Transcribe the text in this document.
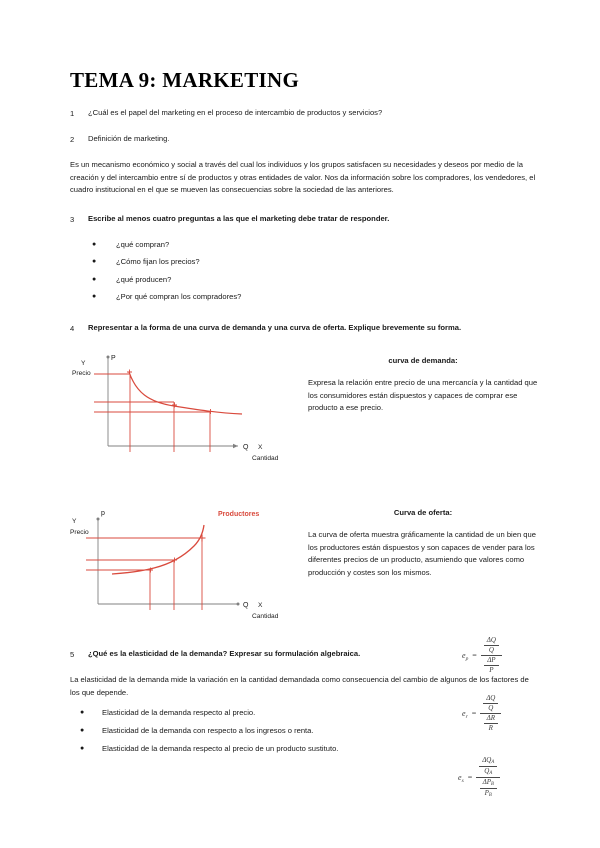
TEMA 9: MARKETING
1	¿Cuál es el papel del marketing en el proceso de intercambio de productos y servicios?
2	Definición de marketing.

Es un mecanismo económico y social a través del cual los individuos y los grupos satisfacen su necesidades y deseos por medio de la creación y del intercambio entre sí de productos y otras entidades de valor. Nos da información sobre los compradores, los vendedores, el cuadro institucional en el que se mueven las consecuencias sobre la sociedad de las anteriores.

3	Escribe al menos cuatro preguntas a las que el marketing debe tratar de responder.
●	¿qué compran?
●	¿Cómo fijan los precios?
●	¿qué producen?
●	¿Por qué compran los compradores?
4	Representar a la forma de una curva de demanda y una curva de oferta. Explique brevemente su forma.
P
Y
Precio
Q X
Cantidad
curva de demanda:
Expresa la relación entre precio de una mercancía y la cantidad que los consumidores están dispuestos y capaces de comprar ese producto a ese precio.
p
Y
Precio
Q X
Cantidad
Productores	Curva de oferta:
La curva de oferta muestra gráficamente la cantidad de un bien que los productores están dispuestos y son capaces de vender para los diferentes precios de un producto, asumiendo que valores como producción y costes son los mismos.
5	¿Qué es la elasticidad de la demanda? Expresar su formulación algebraica.

La elasticidad de la demanda mide la variación en la cantidad demandada como consecuencia del cambio de algunos de los factores de los que depende.

●	Elasticidad de la demanda respecto al precio.
●	Elasticidad de la demanda con respecto a los ingresos o renta.
●	Elasticidad de la demanda respecto al precio de un producto sustituto.
$e_p = \frac{\frac{\Delta Q}{Q}}{\frac{\Delta P}{P}}$
$e_r = \frac{\frac{\Delta Q}{Q}}{\frac{\Delta R}{R}}$
$e_s = \frac{\frac{\Delta Q_A}{Q_A}}{\frac{\Delta P_B}{P_B}}$
